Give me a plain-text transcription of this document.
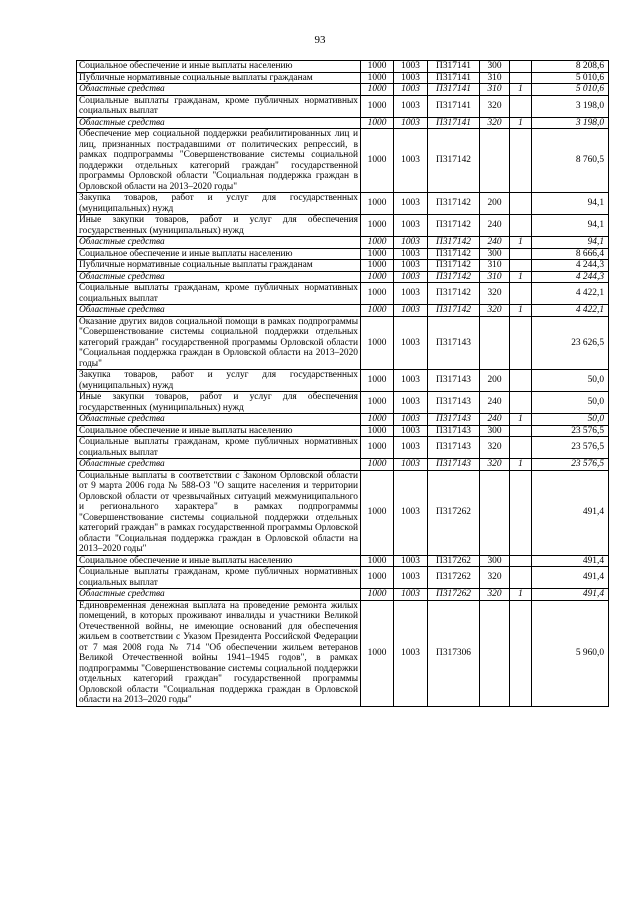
93
Социальное обеспечение и иные выплаты населению	1000	1003	П317141	300		8 208,6
Публичные нормативные социальные выплаты гражданам	1000	1003	П317141	310		5 010,6
Областные средства	1000	1003	П317141	310	1	5 010,6
Социальные выплаты гражданам, кроме публичных нормативных социальных выплат	1000	1003	П317141	320		3 198,0
Областные средства	1000	1003	П317141	320	1	3 198,0
Обеспечение мер социальной поддержки реабилитированных лиц и лиц, признанных пострадавшими от политических репрессий, в рамках подпрограммы "Совершенствование системы социальной поддержки отдельных категорий граждан" государственной программы Орловской области "Социальная поддержка граждан в Орловской области на 2013–2020 годы"	1000	1003	П317142			8 760,5
Закупка товаров, работ и услуг для государственных (муниципальных) нужд	1000	1003	П317142	200		94,1
Иные закупки товаров, работ и услуг для обеспечения государственных (муниципальных) нужд	1000	1003	П317142	240		94,1
Областные средства	1000	1003	П317142	240	1	94,1
Социальное обеспечение и иные выплаты населению	1000	1003	П317142	300		8 666,4
Публичные нормативные социальные выплаты гражданам	1000	1003	П317142	310		4 244,3
Областные средства	1000	1003	П317142	310	1	4 244,3
Социальные выплаты гражданам, кроме публичных нормативных социальных выплат	1000	1003	П317142	320		4 422,1
Областные средства	1000	1003	П317142	320	1	4 422,1
Оказание других видов социальной помощи в рамках подпрограммы "Совершенствование системы социальной поддержки отдельных категорий граждан" государственной программы Орловской области "Социальная поддержка граждан в Орловской области на 2013–2020 годы"	1000	1003	П317143			23 626,5
Закупка товаров, работ и услуг для государственных (муниципальных) нужд	1000	1003	П317143	200		50,0
Иные закупки товаров, работ и услуг для обеспечения государственных (муниципальных) нужд	1000	1003	П317143	240		50,0
Областные средства	1000	1003	П317143	240	1	50,0
Социальное обеспечение и иные выплаты населению	1000	1003	П317143	300		23 576,5
Социальные выплаты гражданам, кроме публичных нормативных социальных выплат	1000	1003	П317143	320		23 576,5
Областные средства	1000	1003	П317143	320	1	23 576,5
Социальные выплаты в соответствии с Законом Орловской области от 9 марта 2006 года № 588-ОЗ "О защите населения и территории Орловской области от чрезвычайных ситуаций межмуниципального и регионального характера" в рамках подпрограммы "Совершенствование системы социальной поддержки отдельных категорий граждан" в рамках государственной программы Орловской области "Социальная поддержка граждан в Орловской области на 2013–2020 годы"	1000	1003	П317262			491,4
Социальное обеспечение и иные выплаты населению	1000	1003	П317262	300		491,4
Социальные выплаты гражданам, кроме публичных нормативных социальных выплат	1000	1003	П317262	320		491,4
Областные средства	1000	1003	П317262	320	1	491,4
Единовременная денежная выплата на проведение ремонта жилых помещений, в которых проживают инвалиды и участники Великой Отечественной войны, не имеющие оснований для обеспечения жильем в соответствии с Указом Президента Российской Федерации от 7 мая 2008 года № 714 "Об обеспечении жильем ветеранов Великой Отечественной войны 1941–1945 годов", в рамках подпрограммы "Совершенствование системы социальной поддержки отдельных категорий граждан" государственной программы Орловской области "Социальная поддержка граждан в Орловской области на 2013–2020 годы"	1000	1003	П317306			5 960,0
